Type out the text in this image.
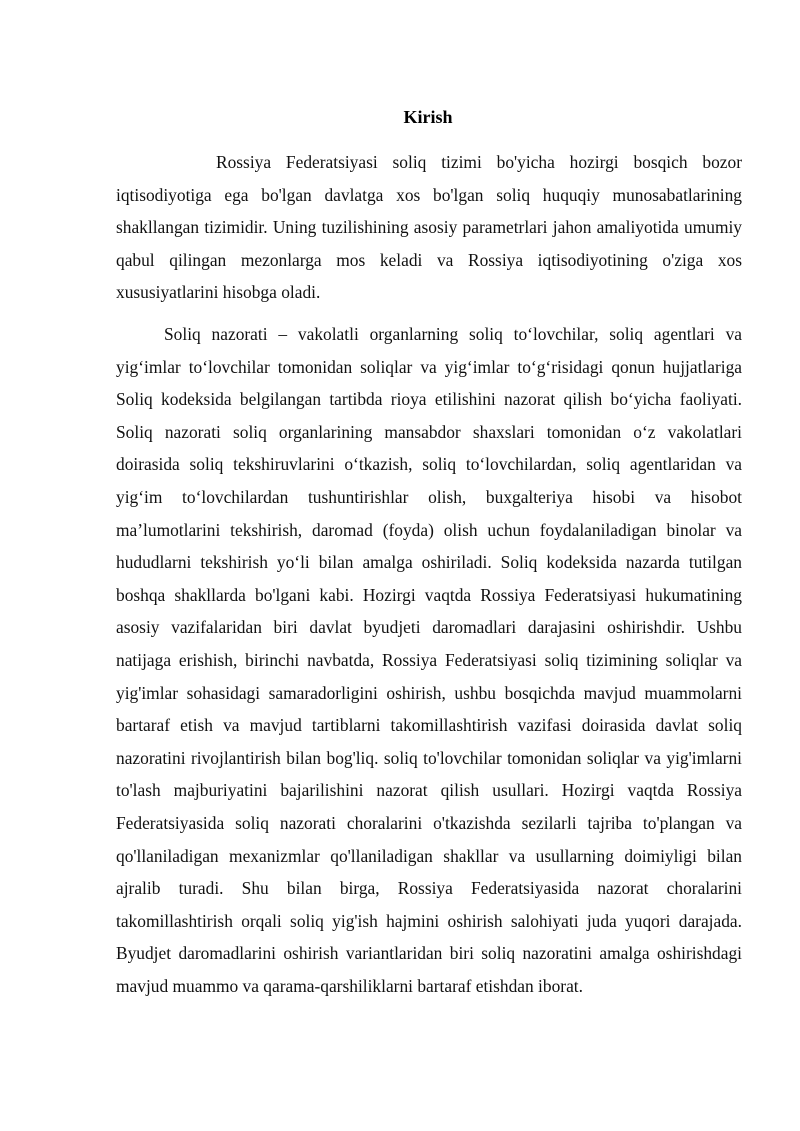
Kirish

Rossiya Federatsiyasi soliq tizimi bo'yicha hozirgi bosqich bozor iqtisodiyotiga ega bo'lgan davlatga xos bo'lgan soliq huquqiy munosabatlarining shakllangan tizimidir. Uning tuzilishining asosiy parametrlari jahon amaliyotida umumiy qabul qilingan mezonlarga mos keladi va Rossiya iqtisodiyotining o'ziga xos xususiyatlarini hisobga oladi.

Soliq nazorati – vakolatli organlarning soliq to‘lovchilar, soliq agentlari va yig‘imlar to‘lovchilar tomonidan soliqlar va yig‘imlar to‘g‘risidagi qonun hujjatlariga Soliq kodeksida belgilangan tartibda rioya etilishini nazorat qilish bo‘yicha faoliyati. Soliq nazorati soliq organlarining mansabdor shaxslari tomonidan o‘z vakolatlari doirasida soliq tekshiruvlarini o‘tkazish, soliq to‘lovchilardan, soliq agentlaridan va yig‘im to‘lovchilardan tushuntirishlar olish, buxgalteriya hisobi va hisobot ma’lumotlarini tekshirish, daromad (foyda) olish uchun foydalaniladigan binolar va hududlarni tekshirish yo‘li bilan amalga oshiriladi. Soliq kodeksida nazarda tutilgan boshqa shakllarda bo'lgani kabi. Hozirgi vaqtda Rossiya Federatsiyasi hukumatining asosiy vazifalaridan biri davlat byudjeti daromadlari darajasini oshirishdir. Ushbu natijaga erishish, birinchi navbatda, Rossiya Federatsiyasi soliq tizimining soliqlar va yig'imlar sohasidagi samaradorligini oshirish, ushbu bosqichda mavjud muammolarni bartaraf etish va mavjud tartiblarni takomillashtirish vazifasi doirasida davlat soliq nazoratini rivojlantirish bilan bog'liq. soliq to'lovchilar tomonidan soliqlar va yig'imlarni to'lash majburiyatini bajarilishini nazorat qilish usullari. Hozirgi vaqtda Rossiya Federatsiyasida soliq nazorati choralarini o'tkazishda sezilarli tajriba to'plangan va qo'llaniladigan mexanizmlar qo'llaniladigan shakllar va usullarning doimiyligi bilan ajralib turadi. Shu bilan birga, Rossiya Federatsiyasida nazorat choralarini takomillashtirish orqali soliq yig'ish hajmini oshirish salohiyati juda yuqori darajada. Byudjet daromadlarini oshirish variantlaridan biri soliq nazoratini amalga oshirishdagi mavjud muammo va qarama-qarshiliklarni bartaraf etishdan iborat.
